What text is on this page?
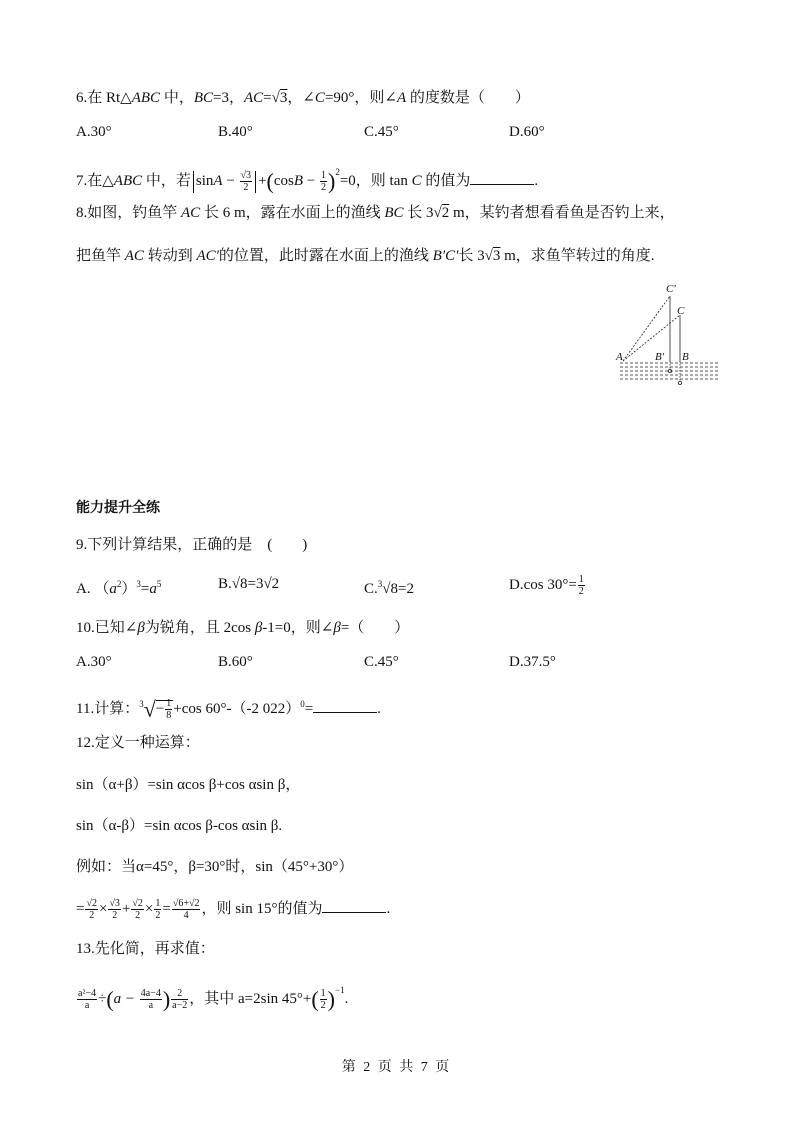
6.在 Rt△ABC 中，BC=3，AC=√3，∠C=90°，则∠A 的度数是（　　）
A.30°	B.40°	C.45°	D.60°
7.在△ABC 中，若 $\sin A - \frac{√3}{2} +(\cos B - \frac{1}{2} )^2=0$，则 tan C 的值为	.
8.如图，钓鱼竿 AC 长 6 m，露在水面上的渔线 BC 长 3√2 m，某钓者想看看鱼是否钓上来，
把鱼竿 AC 转动到 AC′的位置，此时露在水面上的渔线 B′C′长 3√3 m，求鱼竿转过的角度.
A	B′ B
C
C′
能力提升全练
9.下列计算结果，正确的是　(　　)
A. $(a^2)^3=a^5$	B.√8=3√2	C.$^3$√8=2	D.cos $30^\circ= \frac{1}{2}$
10.已知∠β为锐角，且 2cos β-1=0，则∠β=（　　）
A.30°	B.60°	C.45°	D.37.5°
11.计算：$^3√- \frac{1}{8} +\cos$ 60°-（-2 022）$^0$=	.
12.定义一种运算：
sin（α+β）=sin αcos β+cos αsin β，
sin（α-β）=sin αcos β-cos αsin β.
例如：当α=45°，β=30°时，sin（45°+30°）
= $\frac{√2}{2} \times \frac{√3}{2} + \frac{√2}{2} \times \frac{1}{2} = \frac{√6+√2}{4}$ ，则 sin 15°的值为	.
13.先化简，再求值：
$\frac{\text{a²−4}}{a} \div(a - \frac{4a-4}{a}$ ) $\frac{2}{a-2}$ ，其中 a=2sin $45^\circ+( \frac{1}{2} )^{-1}$.
第 2 页 共 7 页
